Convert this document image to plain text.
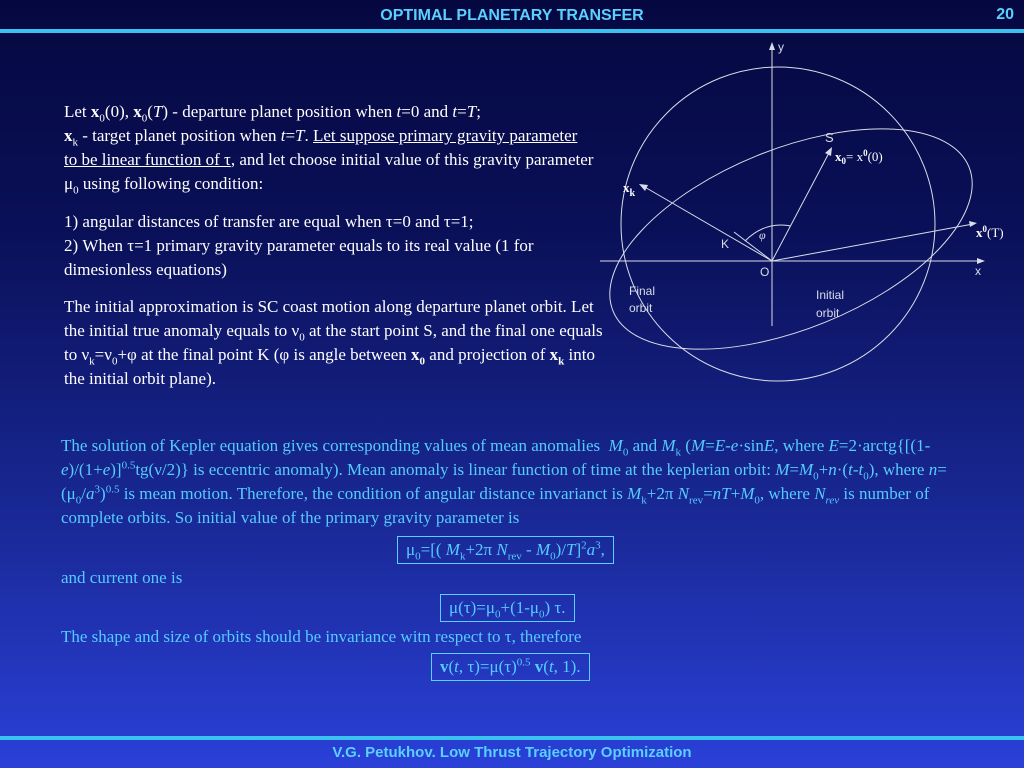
OPTIMAL PLANETARY TRANSFER	20
Let $x_0(0)$, $x_0(T)$ - departure planet position when t=0 and t=T;
$x_k$ - target planet position when t=T. Let suppose primary gravity parameter to be linear function of τ, and let choose initial value of this gravity parameter $\mu_0$ using following condition:
1) angular distances of transfer are equal when τ=0 and τ=1;
2) When τ=1 primary gravity parameter equals to its real value (1 for dimesionless equations)
The initial approximation is SC coast motion along departure planet orbit. Let the initial true anomaly equals to $\nu_0$ at the start point S, and the final one equals to $\nu_k=\nu_0+\varphi$ at the final point K (φ is angle between $x_0$ and projection of $x_k$ into the initial orbit plane).
y
x
O
S
K
φ
Final
orbit
Initial
orbit
$x_k$
$x_0= x^0(0)$
$x^0(T)$
The solution of Kepler equation gives corresponding values of mean anomalies  $M_0$ and $M_k$ (M=E-e·sinE, where $E=2\cdot arctg\{[(1-e)/(1+e)]^{0.5}tg(\nu/2)\}$ is eccentric anomaly). Mean anomaly is linear function of time at the keplerian orbit: $M=M_0+n\cdot(t-t_0)$, where $n=(\mu_0/a^3)^{0.5}$ is mean motion. Therefore, the condition of angular distance invarianct is $M_k+2\pi$ $N_{rev}=nT+M_0$, where $N_{rev}$ is number of complete orbits. So initial value of the primary gravity parameter is
$\mu_0=$[( $M_k+2\pi$ $N_{rev} - M_0)/T]^2a^3$,
and current one is
$\mu(\tau)=\mu_0+(1-\mu_0)$ τ.
The shape and size of orbits should be invariance witn respect to τ, therefore
v(t, $\tau)=\mu(\tau)^{0.5}$ v(t, 1).
V.G. Petukhov. Low Thrust Trajectory Optimization
